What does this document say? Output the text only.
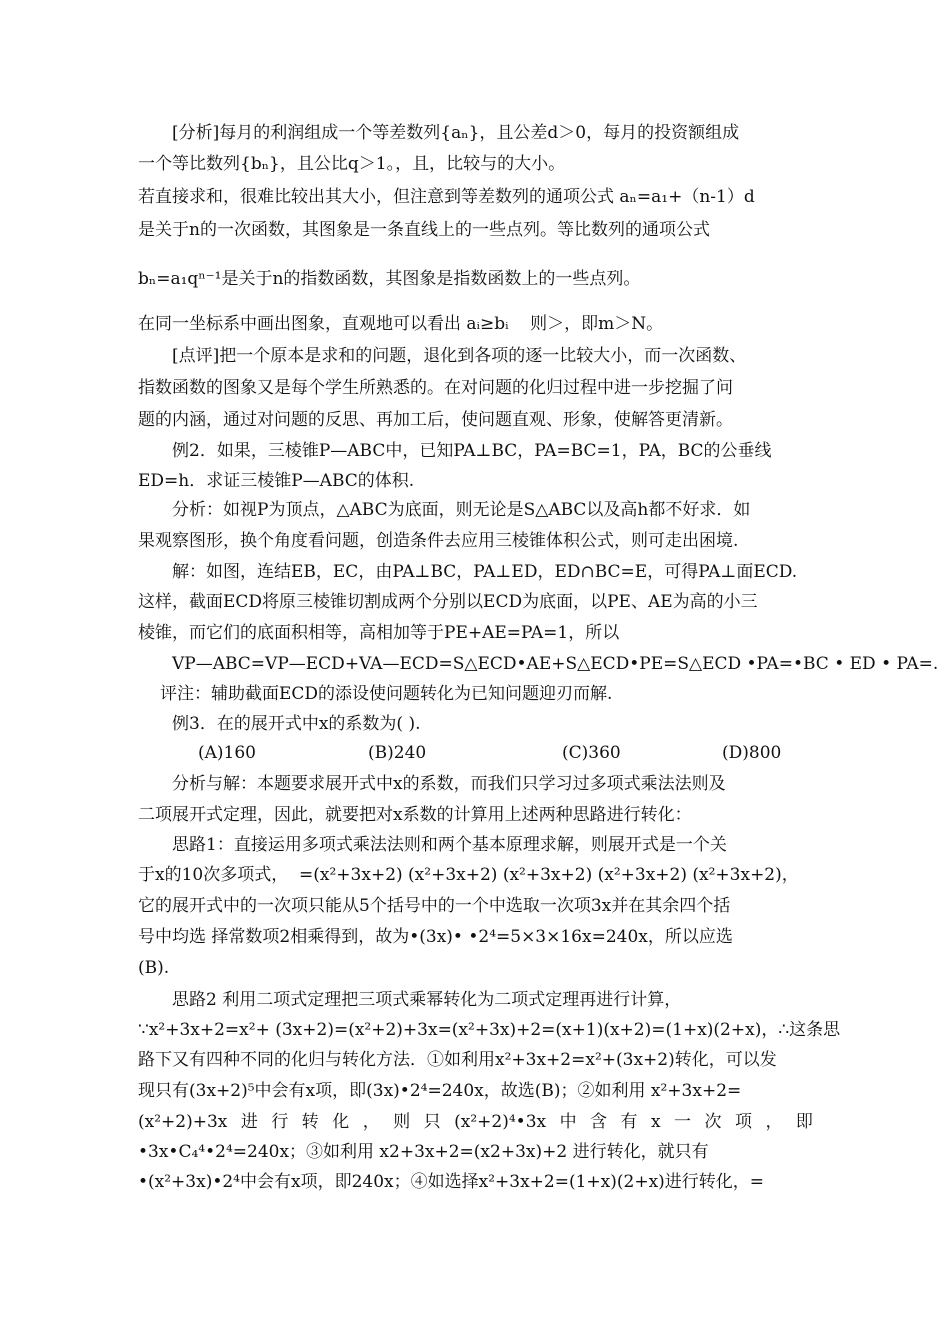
[分析]每月的利润组成一个等差数列{aₙ}，且公差d＞0，每月的投资额组成
一个等比数列{bₙ}，且公比q＞1。，且，比较与的大小。
若直接求和，很难比较出其大小，但注意到等差数列的通项公式 aₙ=a₁+（n-1）d
是关于n的一次函数，其图象是一条直线上的一些点列。等比数列的通项公式
bₙ=a₁qⁿ⁻¹是关于n的指数函数，其图象是指数函数上的一些点列。
在同一坐标系中画出图象，直观地可以看出 aᵢ≥bᵢ    则＞，即m＞N。
[点评]把一个原本是求和的问题，退化到各项的逐一比较大小，而一次函数、
指数函数的图象又是每个学生所熟悉的。在对问题的化归过程中进一步挖掘了问
题的内涵，通过对问题的反思、再加工后，使问题直观、形象，使解答更清新。
例2．如果，三棱锥P—ABC中，已知PA⊥BC，PA=BC=1，PA，BC的公垂线
ED=h．求证三棱锥P—ABC的体积.
分析：如视P为顶点，△ABC为底面，则无论是S△ABC以及高h都不好求．如
果观察图形，换个角度看问题，创造条件去应用三棱锥体积公式，则可走出困境.
解：如图，连结EB，EC，由PA⊥BC，PA⊥ED，ED∩BC=E，可得PA⊥面ECD.
这样，截面ECD将原三棱锥切割成两个分别以ECD为底面，以PE、AE为高的小三
棱锥，而它们的底面积相等，高相加等于PE+AE=PA=1，所以
VP—ABC=VP—ECD+VA—ECD=S△ECD•AE+S△ECD•PE=S△ECD •PA=•BC • ED • PA=.
评注：辅助截面ECD的添设使问题转化为已知问题迎刃而解.
例3．在的展开式中x的系数为( ).
(A)160	(B)240	(C)360	(D)800
分析与解：本题要求展开式中x的系数，而我们只学习过多项式乘法法则及
二项展开式定理，因此，就要把对x系数的计算用上述两种思路进行转化：
思路1：直接运用多项式乘法法则和两个基本原理求解，则展开式是一个关
于x的10次多项式，  =(x²+3x+2) (x²+3x+2) (x²+3x+2) (x²+3x+2) (x²+3x+2)，
它的展开式中的一次项只能从5个括号中的一个中选取一次项3x并在其余四个括
号中均选 择常数项2相乘得到，故为•(3x)• •2⁴=5×3×16x=240x，所以应选
(B).
思路2 利用二项式定理把三项式乘幂转化为二项式定理再进行计算，
∵x²+3x+2=x²+ (3x+2)=(x²+2)+3x=(x²+3x)+2=(x+1)(x+2)=(1+x)(2+x)，∴这条思
路下又有四种不同的化归与转化方法．①如利用x²+3x+2=x²+(3x+2)转化，可以发
现只有(3x+2)⁵中会有x项，即(3x)•2⁴=240x，故选(B)；②如利用 x²+3x+2=
(x²+2)+3x 进 行 转 化 ， 则 只 (x²+2)⁴•3x 中 含 有 x 一 次 项 ， 即
•3x•C₄⁴•2⁴=240x；③如利用 x2+3x+2=(x2+3x)+2 进行转化，就只有
•(x²+3x)•2⁴中会有x项，即240x；④如选择x²+3x+2=(1+x)(2+x)进行转化，=
